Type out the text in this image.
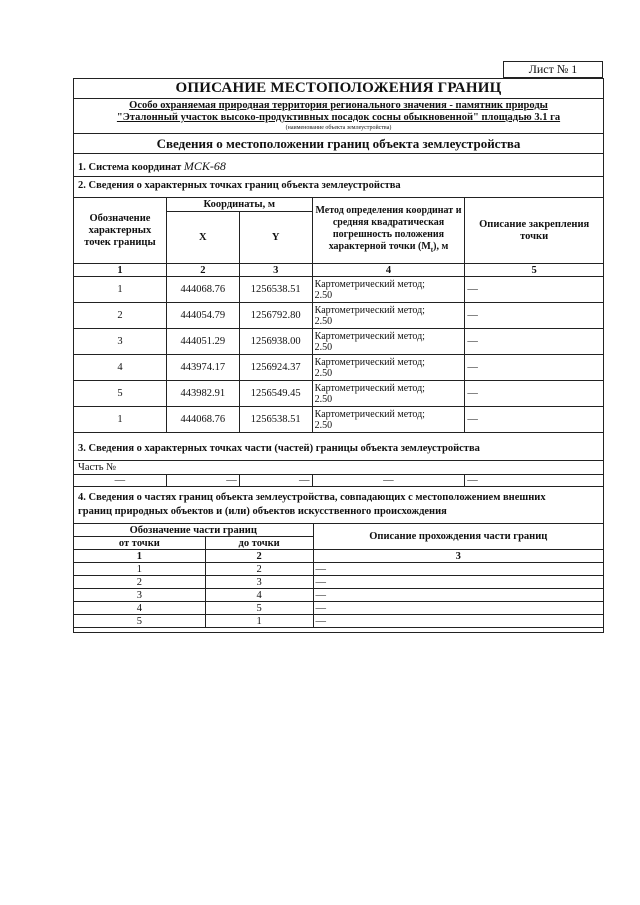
Лист № 1
ОПИСАНИЕ МЕСТОПОЛОЖЕНИЯ ГРАНИЦ
Особо охраняемая природная территория регионального значения - памятник природы
"Эталонный участок высоко-продуктивных посадок сосны обыкновенной" площадью 3.1 га
(наименование объекта землеустройства)
Сведения о местоположении границ объекта землеустройства
1. Система координат МСК-68
2. Сведения о характерных точках границ объекта землеустройства
Обозначение характерных точек границы	Координаты, м		Метод определения координат и средняя квадратическая погрешность положения характерной точки $(M_t)$, м	Описание закрепления точки
	X	Y		
1	2	3	4	5
1	444068.76	1256538.51	Картометрический метод;
2.50	—
2	444054.79	1256792.80	Картометрический метод;
2.50	—
3	444051.29	1256938.00	Картометрический метод;
2.50	—
4	443974.17	1256924.37	Картометрический метод;
2.50	—
5	443982.91	1256549.45	Картометрический метод;
2.50	—
1	444068.76	1256538.51	Картометрический метод;
2.50	—
3. Сведения о характерных точках части (частей) границы объекта землеустройства
Часть №
—	—	—	—	—
4. Сведения о частях границ объекта землеустройства, совпадающих с местоположением внешних
границ природных объектов и (или) объектов искусственного происхождения
Обозначение части границ		Описание прохождения части границ
от точки	до точки	
1	2	3
1	2	—
2	3	—
3	4	—
4	5	—
5	1	—
